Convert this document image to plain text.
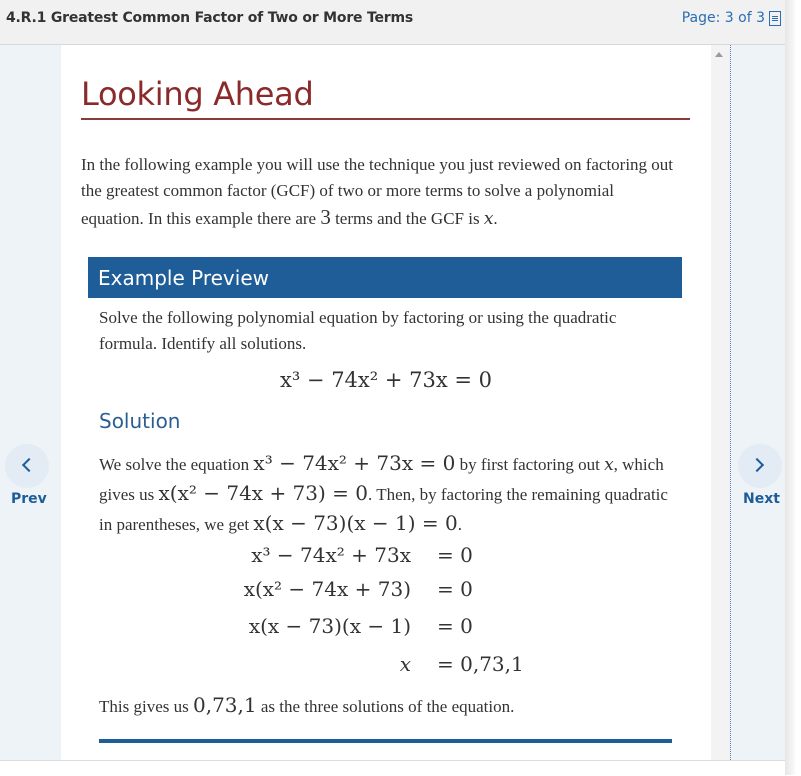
4.R.1 Greatest Common Factor of Two or More Terms	Page: 3 of 3
Looking Ahead
In the following example you will use the technique you just reviewed on factoring out the greatest common factor (GCF) of two or more terms to solve a polynomial equation. In this example there are 3 terms and the GCF is x.
Example Preview
Solve the following polynomial equation by factoring or using the quadratic formula. Identify all solutions.
x³ − 74x² + 73x = 0
Solution
We solve the equation x³ − 74x² + 73x = 0 by first factoring out x, which gives us x(x² − 74x + 73) = 0. Then, by factoring the remaining quadratic in parentheses, we get x(x − 73)(x − 1) = 0.
x³ − 74x² + 73x = 0
x(x² − 74x + 73) = 0
x(x − 73)(x − 1) = 0
x = 0,73,1
This gives us 0,73,1 as the three solutions of the equation.
Prev	Next
